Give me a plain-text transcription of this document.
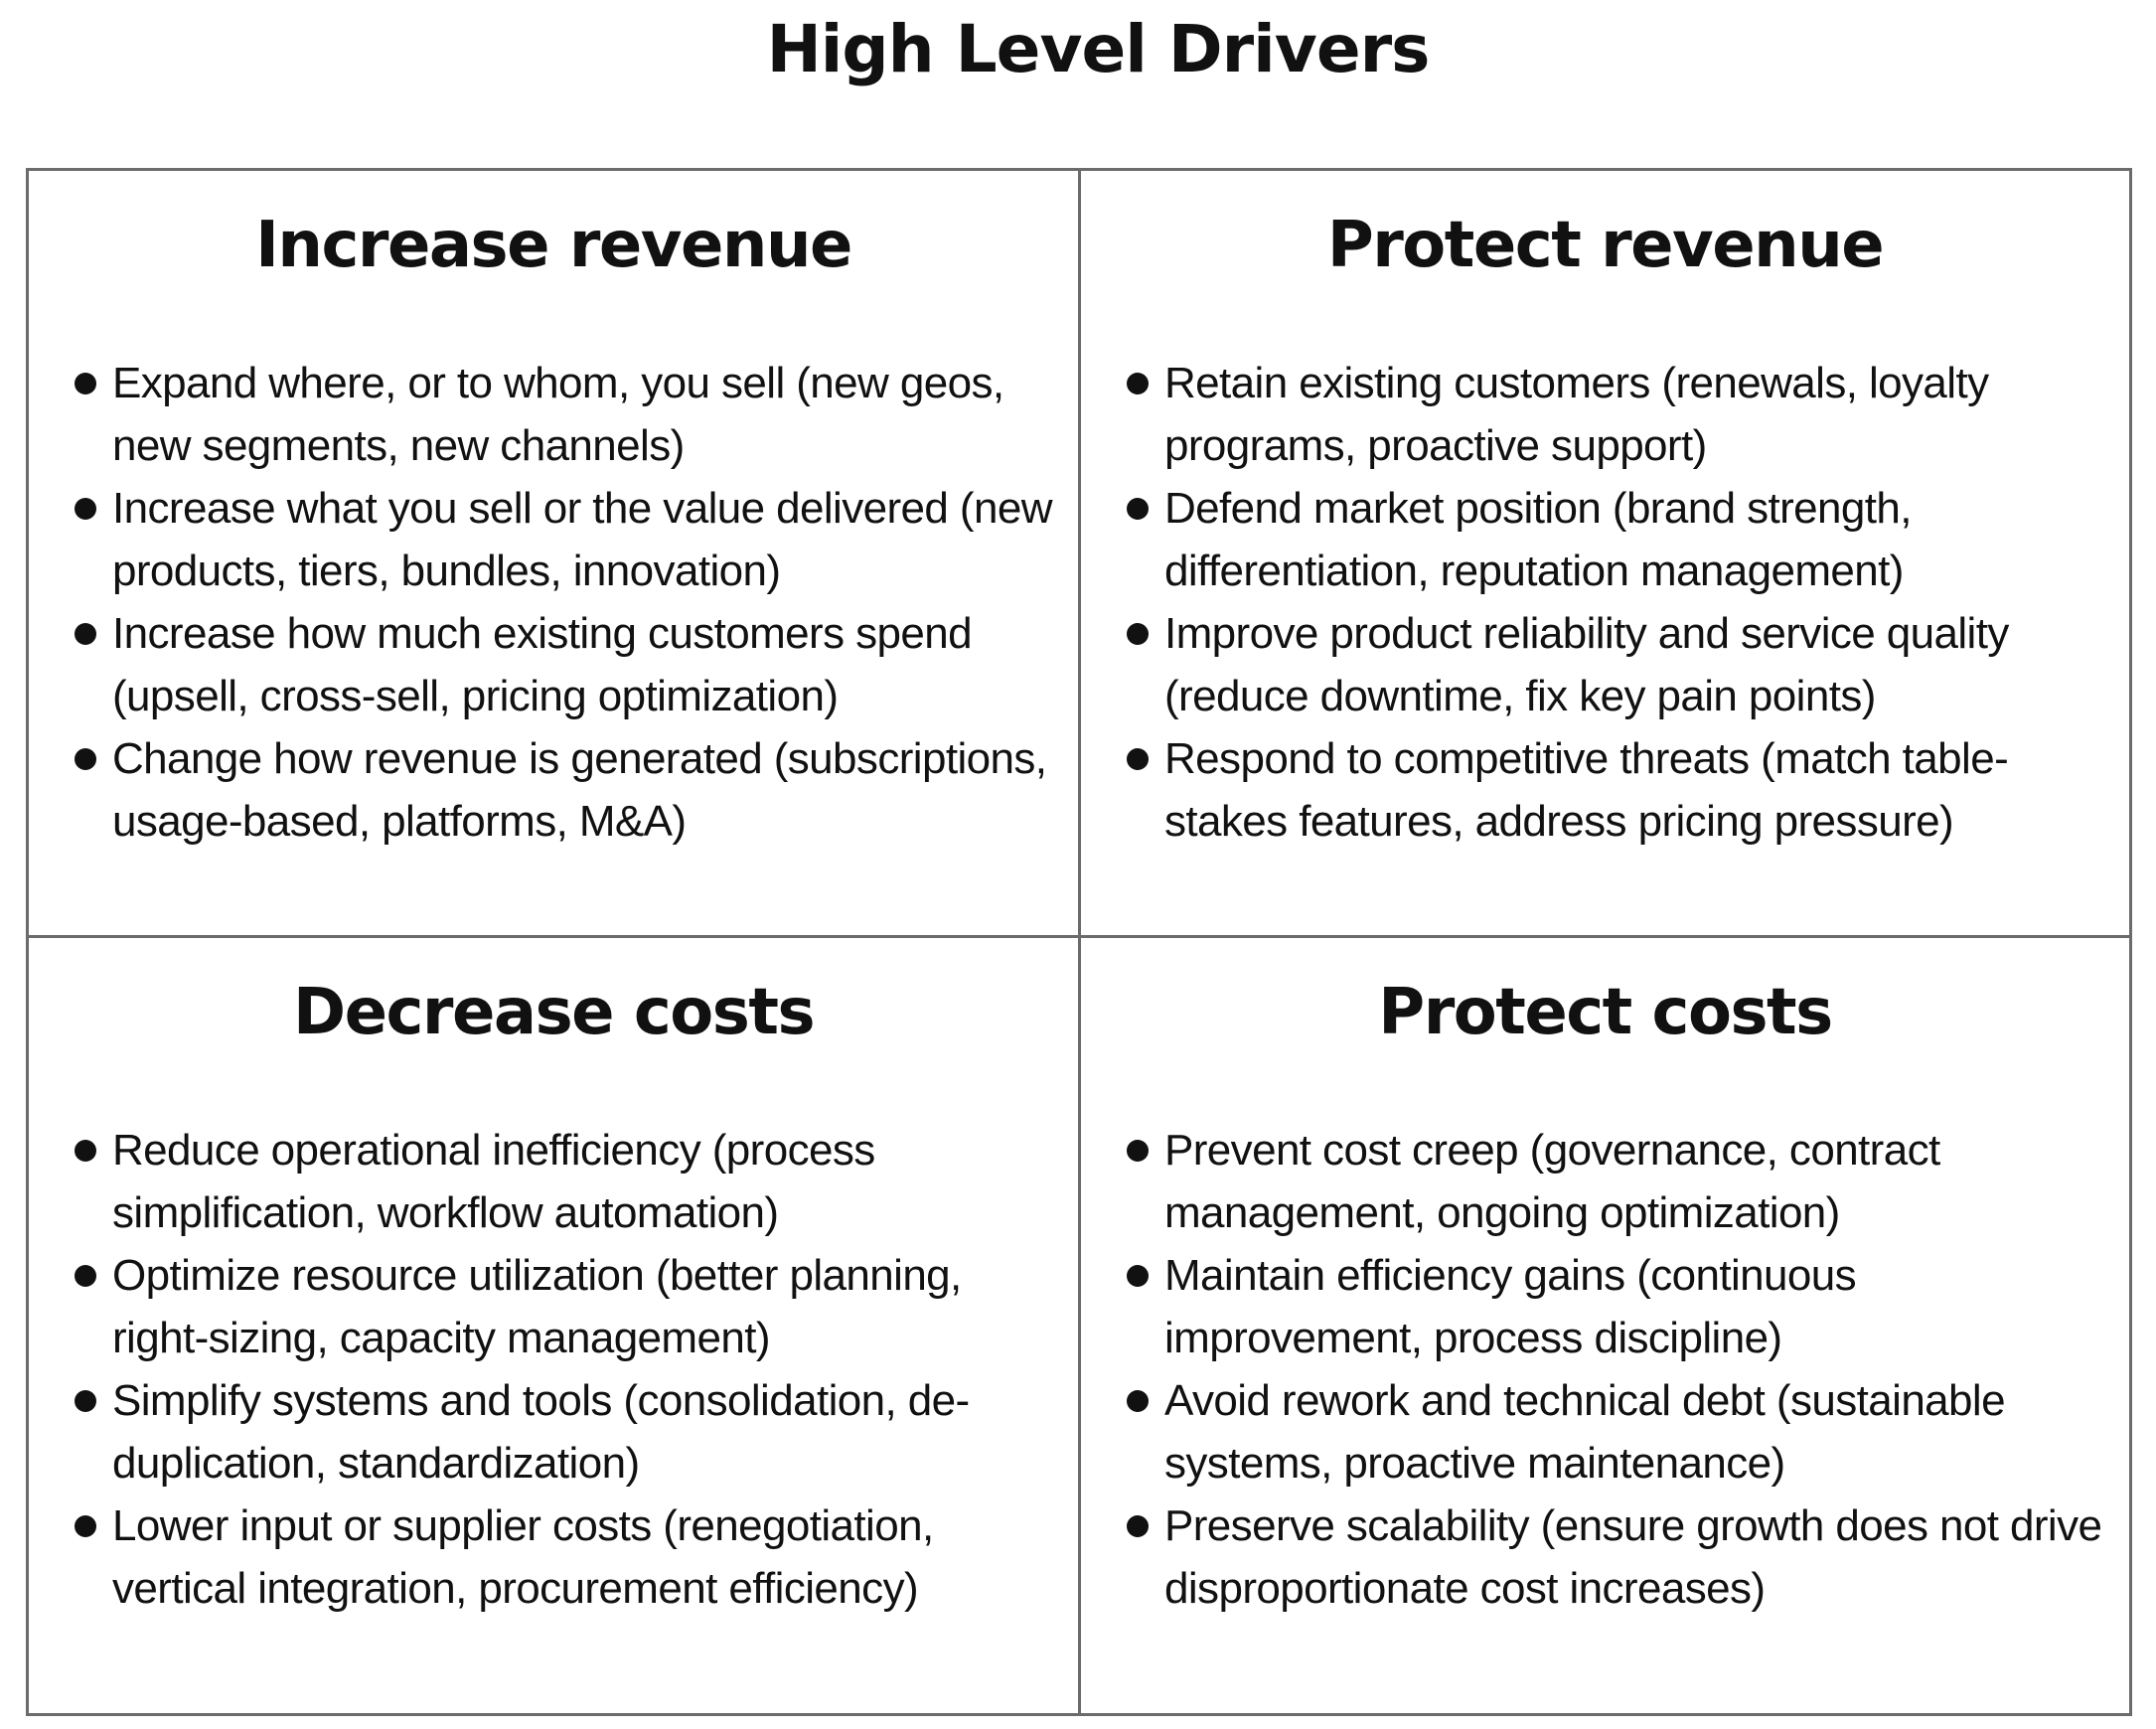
High Level Drivers
Increase revenue
Expand where, or to whom, you sell (new geos, new segments, new channels)
Increase what you sell or the value delivered (new products, tiers, bundles, innovation)
Increase how much existing customers spend (upsell, cross-sell, pricing optimization)
Change how revenue is generated (subscriptions, usage-based, platforms, M&A)
Protect revenue
Retain existing customers (renewals, loyalty programs, proactive support)
Defend market position (brand strength, differentiation, reputation management)
Improve product reliability and service quality (reduce downtime, fix key pain points)
Respond to competitive threats (match table-stakes features, address pricing pressure)
Decrease costs
Reduce operational inefficiency (process simplification, workflow automation)
Optimize resource utilization (better planning, right-sizing, capacity management)
Simplify systems and tools (consolidation, de-duplication, standardization)
Lower input or supplier costs (renegotiation, vertical integration, procurement efficiency)
Protect costs
Prevent cost creep (governance, contract management, ongoing optimization)
Maintain efficiency gains (continuous improvement, process discipline)
Avoid rework and technical debt (sustainable systems, proactive maintenance)
Preserve scalability (ensure growth does not drive disproportionate cost increases)
